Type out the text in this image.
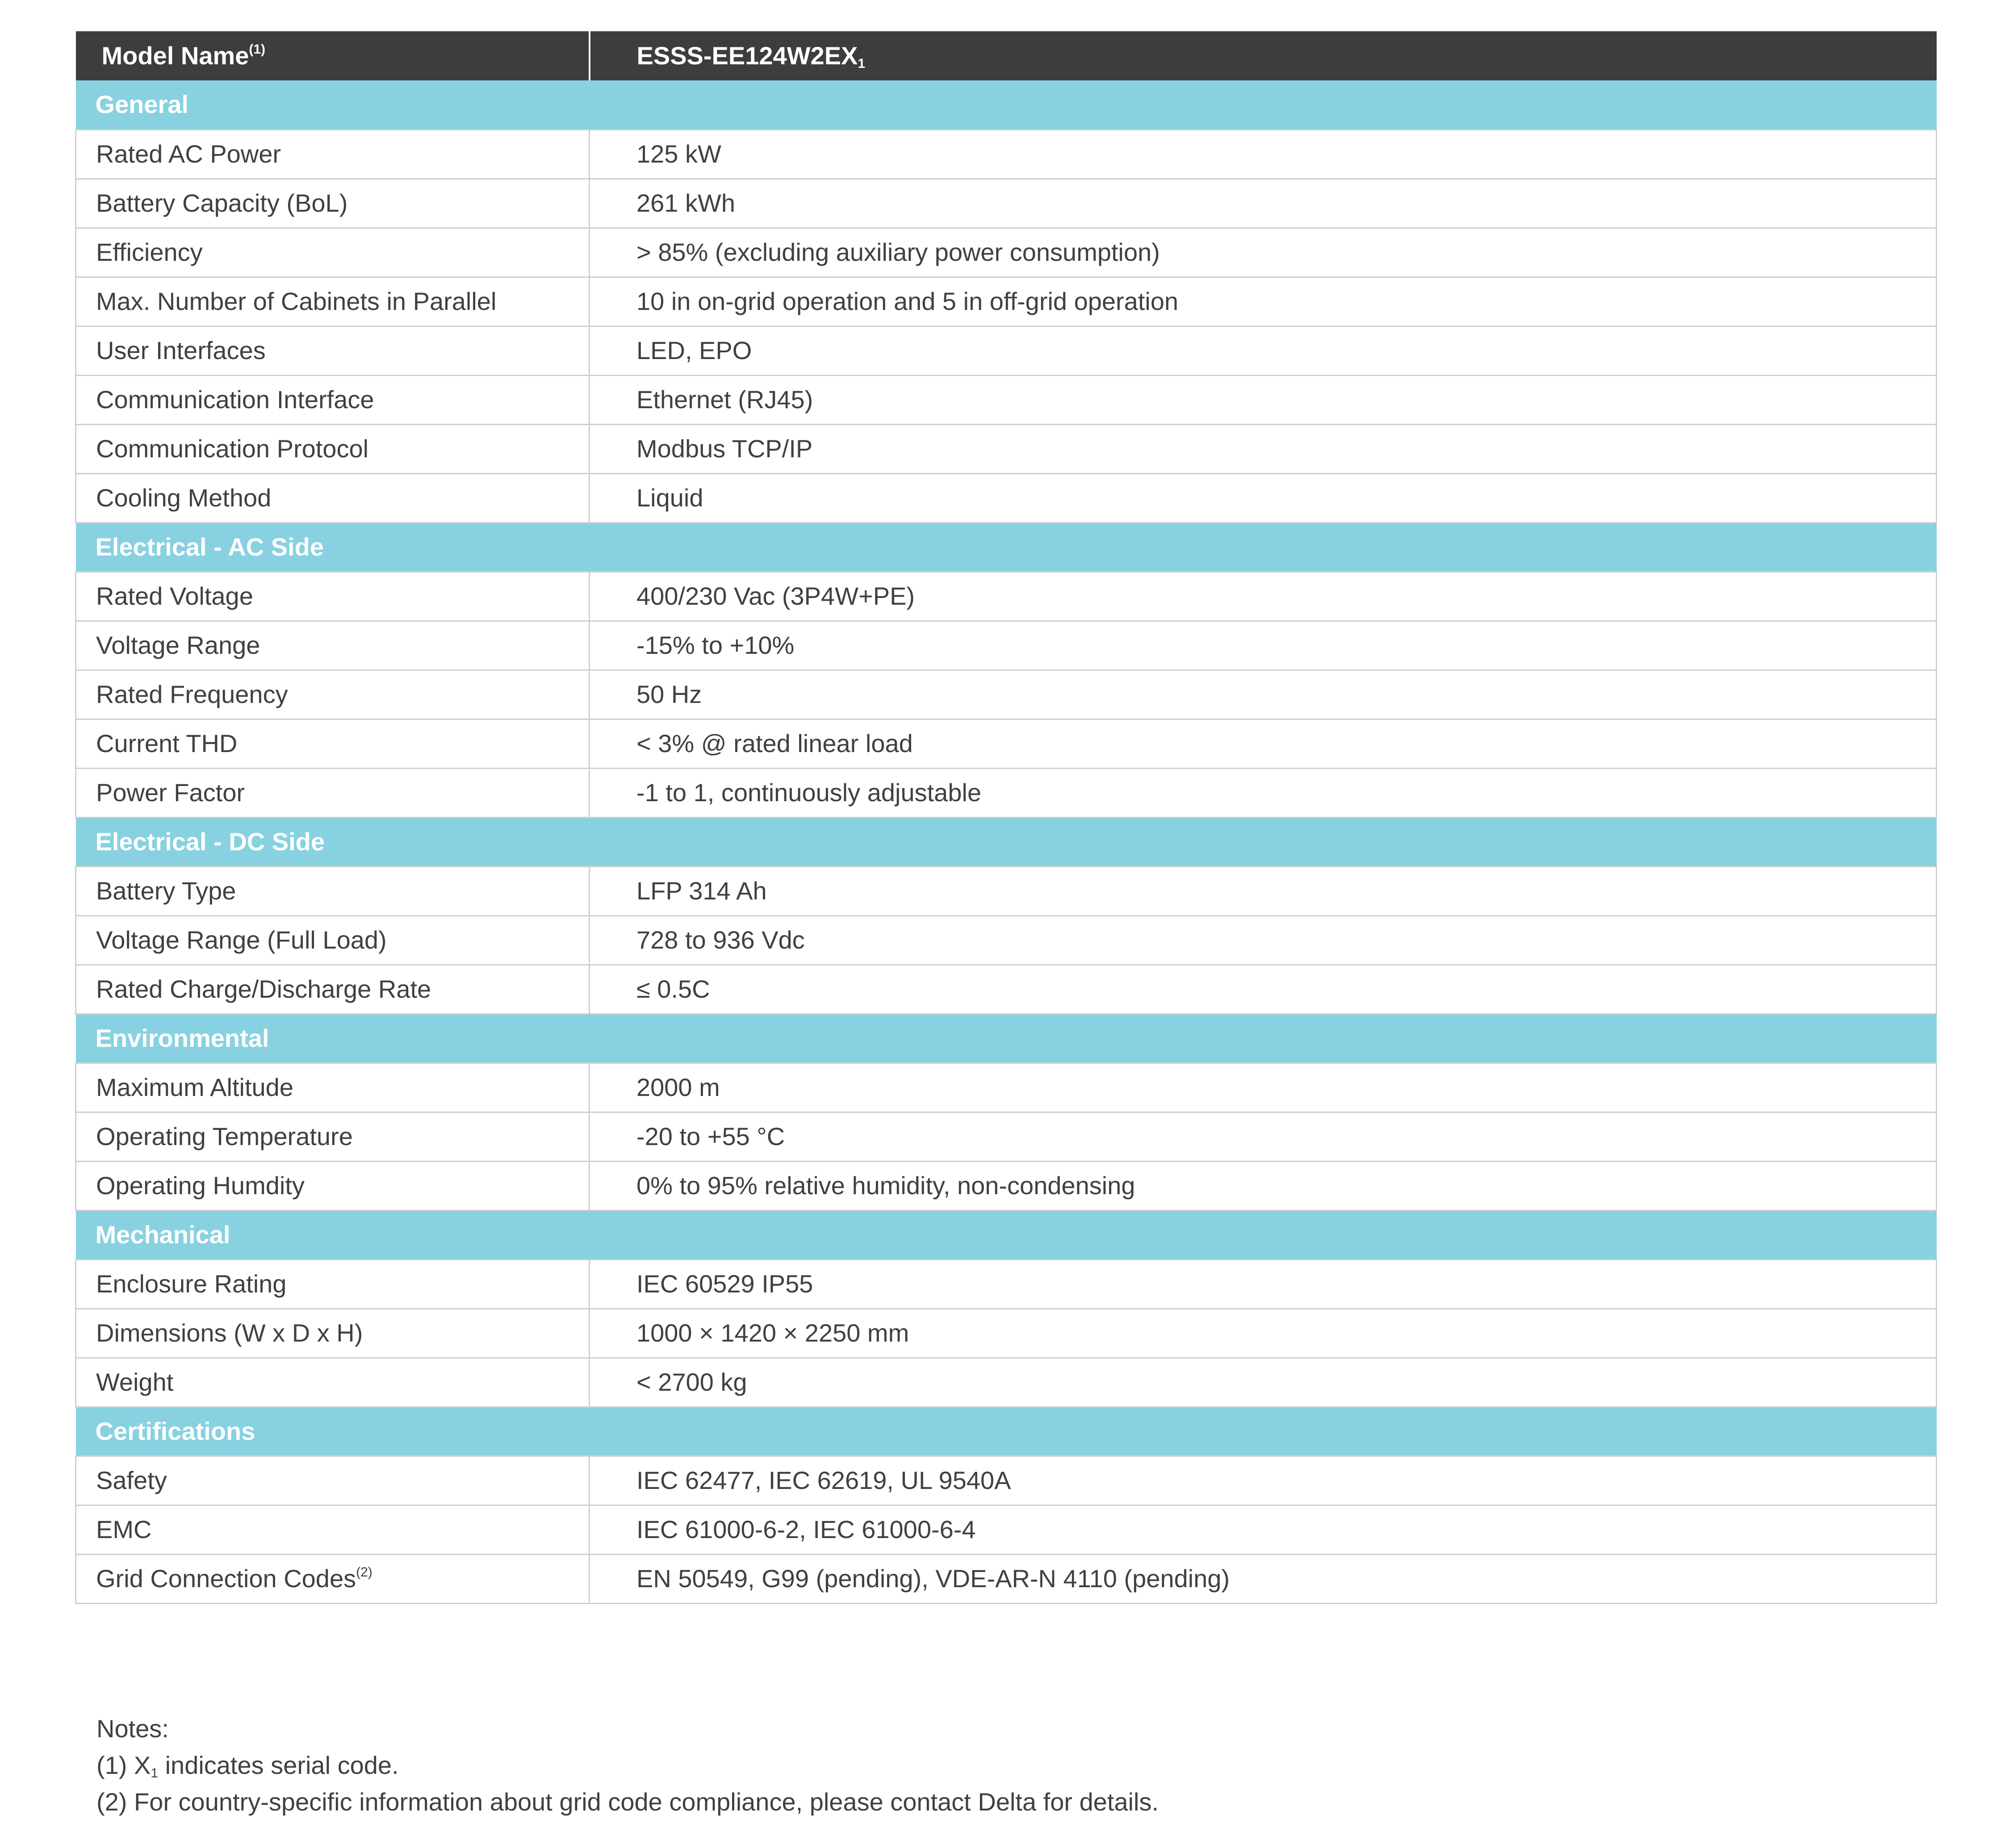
Model Name$^{(1)}$	ESSS-$EE124W2EX_1$
General	
Rated AC Power	125 kW
Battery Capacity (BoL)	261 kWh
Efficiency	> 85% (excluding auxiliary power consumption)
Max. Number of Cabinets in Parallel	10 in on-grid operation and 5 in off-grid operation
User Interfaces	LED, EPO
Communication Interface	Ethernet (RJ45)
Communication Protocol	Modbus TCP/IP
Cooling Method	Liquid
Electrical - AC Side	
Rated Voltage	400/230 Vac (3P4W+PE)
Voltage Range	-15% to +10%
Rated Frequency	50 Hz
Current THD	< 3% @ rated linear load
Power Factor	-1 to 1, continuously adjustable
Electrical - DC Side	
Battery Type	LFP 314 Ah
Voltage Range (Full Load)	728 to 936 Vdc
Rated Charge/Discharge Rate	≤ 0.5C
Environmental	
Maximum Altitude	2000 m
Operating Temperature	-20 to +55 °C
Operating Humdity	0% to 95% relative humidity, non-condensing
Mechanical	
Enclosure Rating	IEC 60529 IP55
Dimensions (W x D x H)	1000 × 1420 × 2250 mm
Weight	< 2700 kg
Certifications	
Safety	IEC 62477, IEC 62619, UL 9540A
EMC	IEC 61000-6-2, IEC 61000-6-4
Grid Connection Codes$^{(2)}$	EN 50549, G99 (pending), VDE-AR-N 4110 (pending)
Notes:
(1) $X_1$ indicates serial code.
(2) For country-specific information about grid code compliance, please contact Delta for details.
